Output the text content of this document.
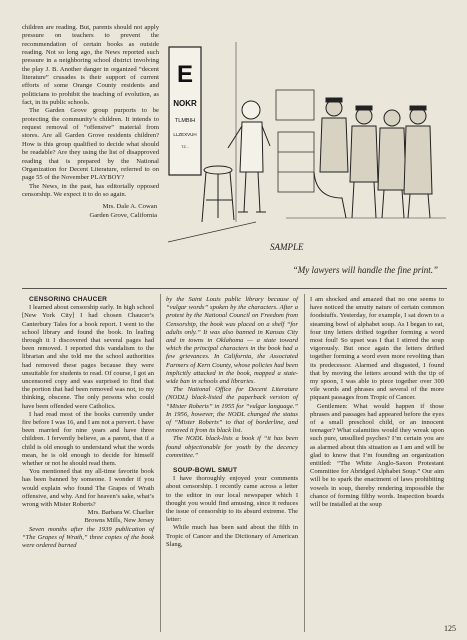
children are reading. But, parents should not apply pressure on teachers to prevent the recommendation of certain books as outside reading. Not so long ago, the News reported such pressure in a neighboring school district involving the play J. B. Another danger in organized “decent literature” crusades is their support of current efforts of some Orange County residents and politicians to prohibit the teaching of evolution, as fact, in its public schools.

The Garden Grove group purports to be protecting the community’s children. It intends to request removal of “offensive” material from stores. Are all Garden Grove residents children? How is this group qualified to decide what should be readable? Are they using the list of disapproved reading that is prepared by the National Organization for Decent Literature, referred to on page 55 of the November PLAYBOY?

The News, in the past, has editorially opposed censorship. We expect it to do so again.

Mrs. Dale A. Cowan
Garden Grove, California
E
NOKR
TLMBIH
LLZEXVUH
TZ...
SAMPLE
“My lawyers will handle the fine print.”

CENSORING CHAUCER

I learned about censorship early. In high school [New York City] I had chosen Chaucer’s Canterbury Tales for a book report. I went to the school library and found the book. In leafing through it I discovered that several pages had been removed. I reported this vandalism to the librarian and she told me the school authorities had removed these pages because they were unsuitable for students to read. Of course, I got an uncensored copy and was surprised to find that the portion that had been removed was not, to my thinking, obscene. The only persons who could have been offended were Catholics.

I had read most of the books currently under fire before I was 16, and I am not a pervert. I have been married for nine years and have three children. I fervently believe, as a parent, that if a child is old enough to understand what the words mean, he is old enough to decide for himself whether or not he should read them.

You mentioned that my all-time favorite book has been banned by someone. I wonder if you would explain who found The Grapes of Wrath offensive, and why. And for heaven’s sake, what’s wrong with Mister Roberts?

Mrs. Barbara W. Charlier
Browns Mills, New Jersey

Seven months after the 1939 publication of “The Grapes of Wrath,” three copies of the book were ordered burned

by the Saint Louis public library because of “vulgar words” spoken by the characters. After a protest by the National Council on Freedom from Censorship, the book was placed on a shelf “for adults only.” It was also banned in Kansas City and in towns in Oklahoma — a state toward which the principal characters in the book had a few grievances. In California, the Associated Farmers of Kern County, whose policies had been implicitly attacked in the book, mapped a state-wide ban in schools and libraries.

The National Office for Decent Literature (NODL) black-listed the paperback version of “Mister Roberts” in 1955 for “vulgar language.” In 1956, however, the NODL changed the status of “Mister Roberts” to that of borderline, and removed it from its black list.

The NODL black-lists a book if “it has been found objectionable for youth by the decency committee.”

SOUP-BOWL SMUT

I have thoroughly enjoyed your comments about censorship. I recently came across a letter to the editor in our local newspaper which I thought you would find amusing, since it reduces the issue of censorship to its absurd extreme. The letter:

While much has been said about the filth in Tropic of Cancer and the Dictionary of American Slang,

I am shocked and amazed that no one seems to have noticed the smutty nature of certain common foodstuffs. Yesterday, for example, I sat down to a steaming bowl of alphabet soup. As I began to eat, four tiny letters drifted together forming a word most foul! So upset was I that I stirred the soup vigorously. But once again the letters drifted together forming a word even more revolting than its predecessor. Alarmed and disgusted, I found that by moving the letters around with the tip of my spoon, I was able to piece together over 300 vile words and phrases and several of the more piquant passages from Tropic of Cancer.

Gentlemen: What would happen if those phrases and passages had appeared before the eyes of a small preschool child, or an innocent teenager? What calamities would they wreak upon such pure, unsullied psyches? I’m certain you are as alarmed about this situation as I am and will be glad to know that I’m founding an organization entitled: “The White Anglo-Saxon Protestant Committee for Abridged Alphabet Soup.” Our aim will be to spark the enactment of laws prohibiting vowels in soup, thereby rendering impossible the chance of forming filthy words. Inspection boards will be installed at the soup

125
